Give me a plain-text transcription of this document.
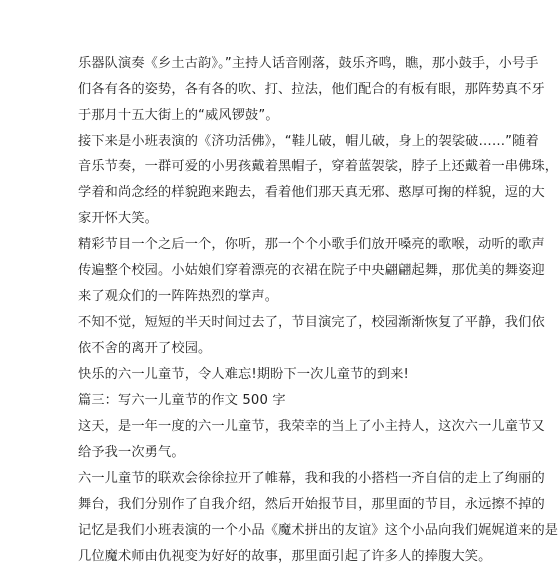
乐器队演奏《乡土古韵》。”主持人话音刚落，鼓乐齐鸣，瞧，那小鼓手，小号手
们各有各的姿势，各有各的吹、打、拉法，他们配合的有板有眼，那阵势真不牙
于那月十五大街上的“威风锣鼓”。
接下来是小班表演的《济功活佛》，“鞋儿破，帽儿破，身上的袈裟破……”随着
音乐节奏，一群可爱的小男孩戴着黑帽子，穿着蓝袈裟，脖子上还戴着一串佛珠，
学着和尚念经的样貌跑来跑去，看着他们那天真无邪、憨厚可掬的样貌，逗的大
家开怀大笑。
精彩节目一个之后一个，你听，那一个个小歌手们放开嗓亮的歌喉，动听的歌声
传遍整个校园。小姑娘们穿着漂亮的衣裙在院子中央翩翩起舞，那优美的舞姿迎
来了观众们的一阵阵热烈的掌声。
不知不觉，短短的半天时间过去了，节目演完了，校园渐渐恢复了平静，我们依
依不舍的离开了校园。
快乐的六一儿童节，令人难忘!期盼下一次儿童节的到来!
篇三：写六一儿童节的作文 500 字
这天，是一年一度的六一儿童节，我荣幸的当上了小主持人，这次六一儿童节又
给予我一次勇气。
六一儿童节的联欢会徐徐拉开了帷幕，我和我的小搭档一齐自信的走上了绚丽的
舞台，我们分别作了自我介绍，然后开始报节目，那里面的节目，永远擦不掉的
记忆是我们小班表演的一个小品《魔术拼出的友谊》这个小品向我们娓娓道来的是
几位魔术师由仇视变为好好的故事，那里面引起了许多人的捧腹大笑。
